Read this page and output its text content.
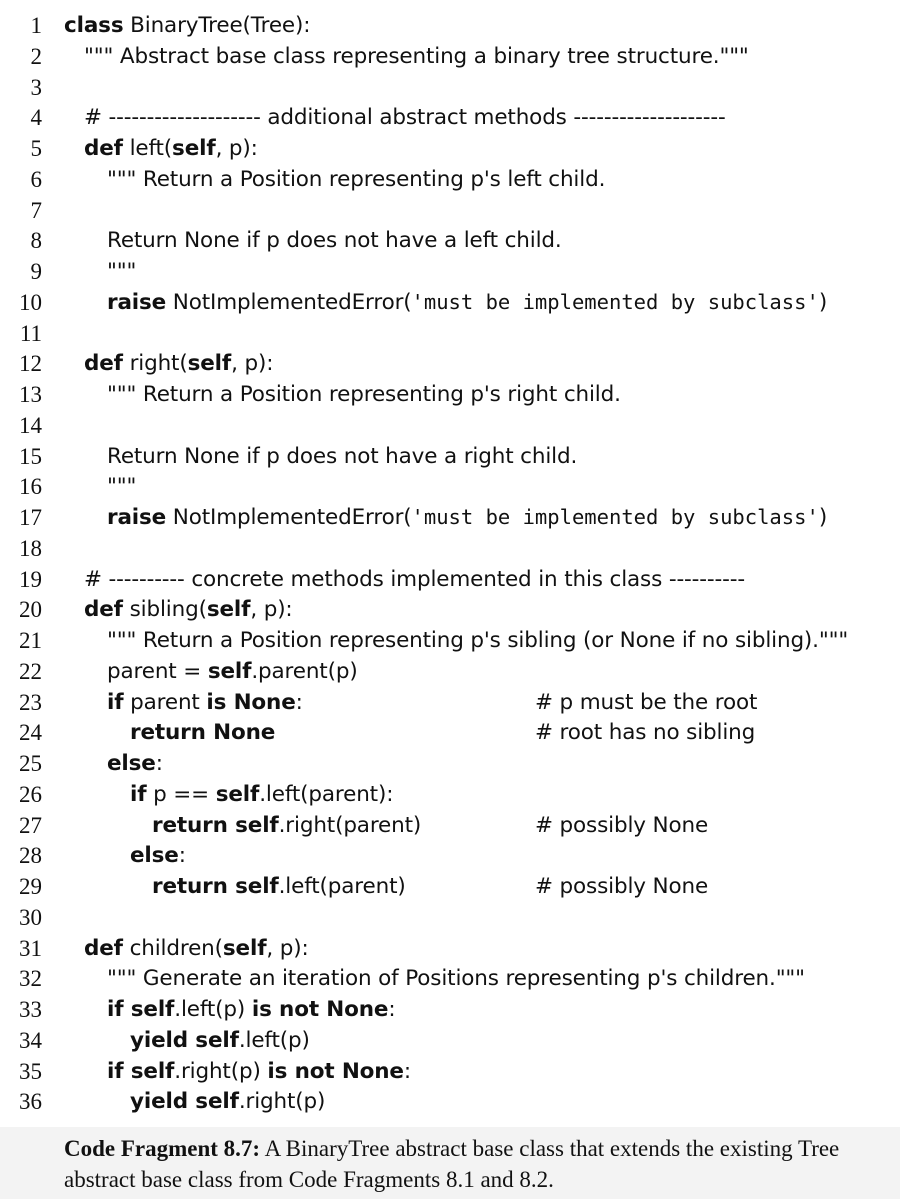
1 class BinaryTree(Tree):
2 """ Abstract base class representing a binary tree structure."""
3
4 # -------------------- additional abstract methods --------------------
5 def left(self, p):
6	""" Return a Position representing p's left child.
7
8	Return None if p does not have a left child.
9	"""
10	raise NotImplementedError('must be implemented by subclass')
11
12 def right(self, p):
13	""" Return a Position representing p's right child.
14
15	Return None if p does not have a right child.
16	"""
17	raise NotImplementedError('must be implemented by subclass')
18
19 # ---------- concrete methods implemented in this class ----------
20 def sibling(self, p):
21	""" Return a Position representing p's sibling (or None if no sibling)."""
22	parent = self.parent(p)
23	if parent is None:	# p must be the root
24	return None	# root has no sibling
25	else:
26	if p == self.left(parent):
27	return self.right(parent)	# possibly None
28	else:
29	return self.left(parent)	# possibly None
30
31 def children(self, p):
32	""" Generate an iteration of Positions representing p's children."""
33	if self.left(p) is not None:
34	yield self.left(p)
35	if self.right(p) is not None:
36	yield self.right(p)
Code Fragment 8.7: A BinaryTree abstract base class that extends the existing Tree abstract base class from Code Fragments 8.1 and 8.2.
